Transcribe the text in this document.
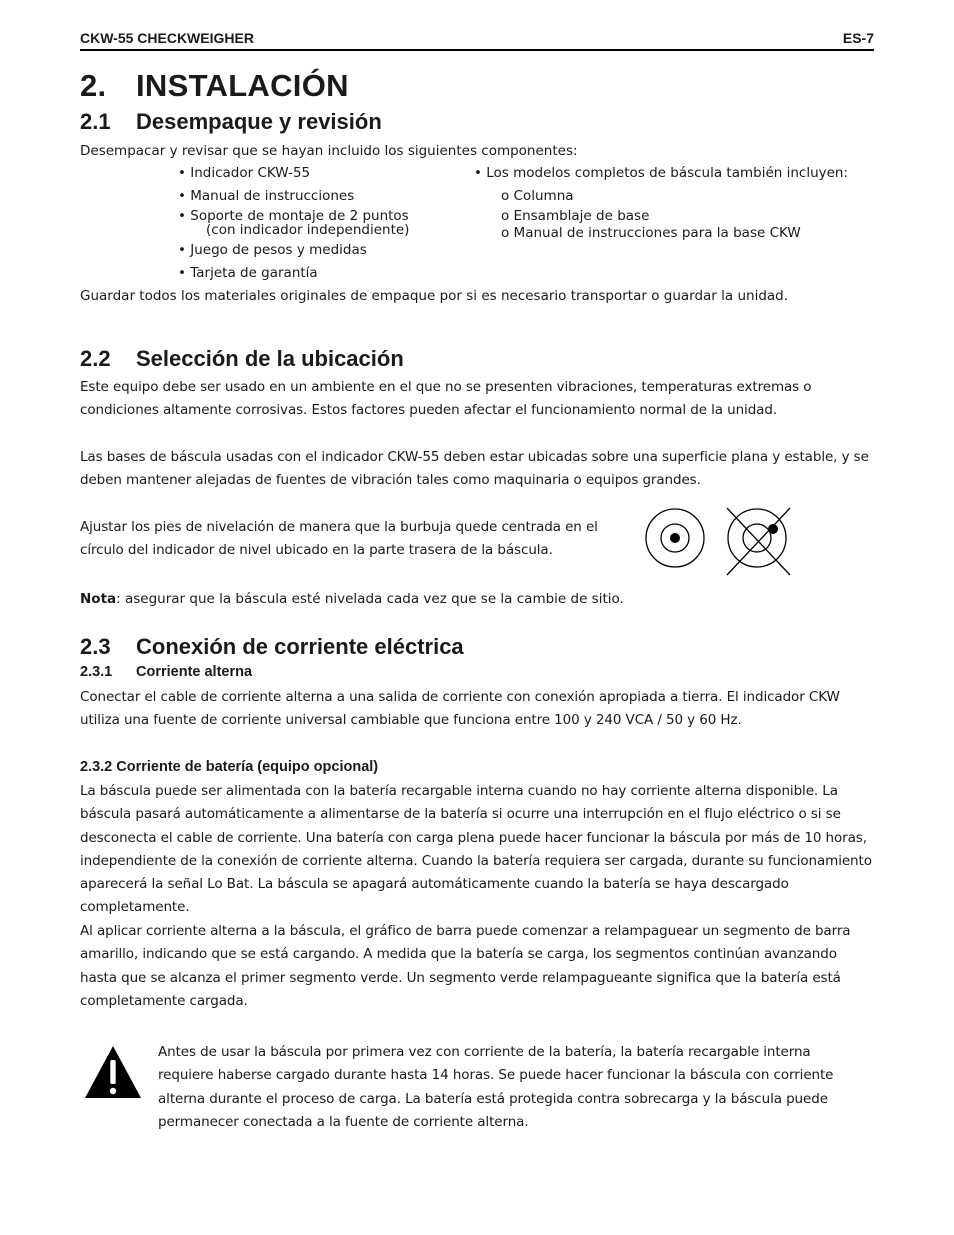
CKW-55 CHECKWEIGHER	ES-7
2. INSTALACIÓN
2.1 Desempaque y revisión
Desempacar y revisar que se hayan incluido los siguientes componentes:
• Indicador CKW-55
• Manual de instrucciones
• Soporte de montaje de 2 puntos
(con indicador independiente)
• Juego de pesos y medidas
• Tarjeta de garantía
• Los modelos completos de báscula también incluyen:
o Columna
o Ensamblaje de base
o Manual de instrucciones para la base CKW
Guardar todos los materiales originales de empaque por si es necesario transportar o guardar la unidad.
2.2 Selección de la ubicación
Este equipo debe ser usado en un ambiente en el que no se presenten vibraciones, temperaturas extremas o condiciones altamente corrosivas. Estos factores pueden afectar el funcionamiento normal de la unidad.
Las bases de báscula usadas con el indicador CKW-55 deben estar ubicadas sobre una superficie plana y estable, y se deben mantener alejadas de fuentes de vibración tales como maquinaria o equipos grandes.
Ajustar los pies de nivelación de manera que la burbuja quede centrada en el círculo del indicador de nivel ubicado en la parte trasera de la báscula.
Nota: asegurar que la báscula esté nivelada cada vez que se la cambie de sitio.
2.3 Conexión de corriente eléctrica
2.3.1 Corriente alterna
Conectar el cable de corriente alterna a una salida de corriente con conexión apropiada a tierra. El indicador CKW utiliza una fuente de corriente universal cambiable que funciona entre 100 y 240 VCA / 50 y 60 Hz.
2.3.2 Corriente de batería (equipo opcional)
La báscula puede ser alimentada con la batería recargable interna cuando no hay corriente alterna disponible. La báscula pasará automáticamente a alimentarse de la batería si ocurre una interrupción en el flujo eléctrico o si se desconecta el cable de corriente. Una batería con carga plena puede hacer funcionar la báscula por más de 10 horas, independiente de la conexión de corriente alterna. Cuando la batería requiera ser cargada, durante su funcionamiento aparecerá la señal Lo Bat. La báscula se apagará automáticamente cuando la batería se haya descargado completamente.
Al aplicar corriente alterna a la báscula, el gráfico de barra puede comenzar a relampaguear un segmento de barra amarillo, indicando que se está cargando. A medida que la batería se carga, los segmentos continúan avanzando hasta que se alcanza el primer segmento verde. Un segmento verde relampagueante significa que la batería está completamente cargada.
Antes de usar la báscula por primera vez con corriente de la batería, la batería recargable interna requiere haberse cargado durante hasta 14 horas. Se puede hacer funcionar la báscula con corriente alterna durante el proceso de carga. La batería está protegida contra sobrecarga y la báscula puede permanecer conectada a la fuente de corriente alterna.
